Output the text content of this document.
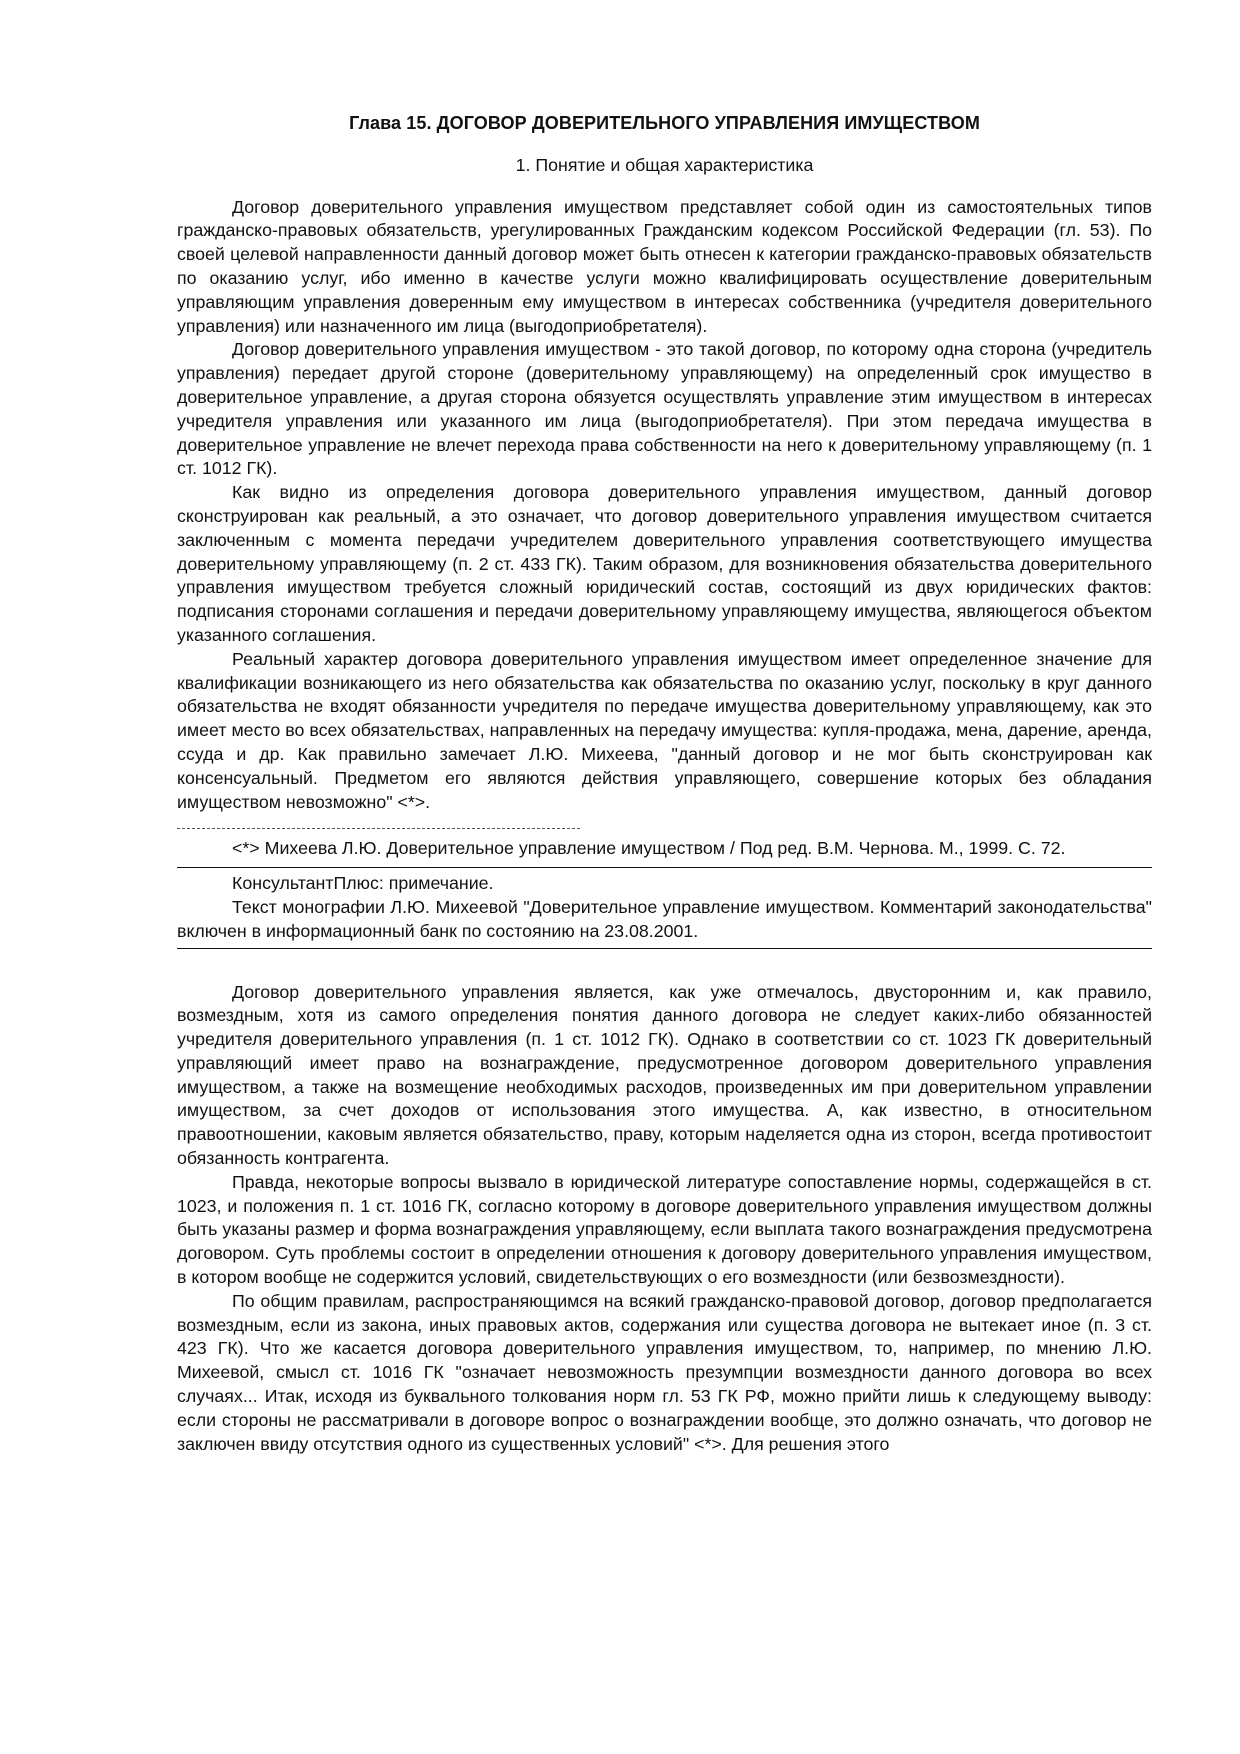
Глава 15. ДОГОВОР ДОВЕРИТЕЛЬНОГО УПРАВЛЕНИЯ ИМУЩЕСТВОМ
1. Понятие и общая характеристика

Договор доверительного управления имуществом представляет собой один из самостоятельных типов гражданско-правовых обязательств, урегулированных Гражданским кодексом Российской Федерации (гл. 53). По своей целевой направленности данный договор может быть отнесен к категории гражданско-правовых обязательств по оказанию услуг, ибо именно в качестве услуги можно квалифицировать осуществление доверительным управляющим управления доверенным ему имуществом в интересах собственника (учредителя доверительного управления) или назначенного им лица (выгодоприобретателя).

Договор доверительного управления имуществом - это такой договор, по которому одна сторона (учредитель управления) передает другой стороне (доверительному управляющему) на определенный срок имущество в доверительное управление, а другая сторона обязуется осуществлять управление этим имуществом в интересах учредителя управления или указанного им лица (выгодоприобретателя). При этом передача имущества в доверительное управление не влечет перехода права собственности на него к доверительному управляющему (п. 1 ст. 1012 ГК).

Как видно из определения договора доверительного управления имуществом, данный договор сконструирован как реальный, а это означает, что договор доверительного управления имуществом считается заключенным с момента передачи учредителем доверительного управления соответствующего имущества доверительному управляющему (п. 2 ст. 433 ГК). Таким образом, для возникновения обязательства доверительного управления имуществом требуется сложный юридический состав, состоящий из двух юридических фактов: подписания сторонами соглашения и передачи доверительному управляющему имущества, являющегося объектом указанного соглашения.

Реальный характер договора доверительного управления имуществом имеет определенное значение для квалификации возникающего из него обязательства как обязательства по оказанию услуг, поскольку в круг данного обязательства не входят обязанности учредителя по передаче имущества доверительному управляющему, как это имеет место во всех обязательствах, направленных на передачу имущества: купля-продажа, мена, дарение, аренда, ссуда и др. Как правильно замечает Л.Ю. Михеева, "данный договор и не мог быть сконструирован как консенсуальный. Предметом его являются действия управляющего, совершение которых без обладания имуществом невозможно" <*>.

<*> Михеева Л.Ю. Доверительное управление имуществом / Под ред. В.М. Чернова. М., 1999. С. 72.

КонсультантПлюс: примечание.

Текст монографии Л.Ю. Михеевой "Доверительное управление имуществом. Комментарий законодательства" включен в информационный банк по состоянию на 23.08.2001.

Договор доверительного управления является, как уже отмечалось, двусторонним и, как правило, возмездным, хотя из самого определения понятия данного договора не следует каких-либо обязанностей учредителя доверительного управления (п. 1 ст. 1012 ГК). Однако в соответствии со ст. 1023 ГК доверительный управляющий имеет право на вознаграждение, предусмотренное договором доверительного управления имуществом, а также на возмещение необходимых расходов, произведенных им при доверительном управлении имуществом, за счет доходов от использования этого имущества. А, как известно, в относительном правоотношении, каковым является обязательство, праву, которым наделяется одна из сторон, всегда противостоит обязанность контрагента.

Правда, некоторые вопросы вызвало в юридической литературе сопоставление нормы, содержащейся в ст. 1023, и положения п. 1 ст. 1016 ГК, согласно которому в договоре доверительного управления имуществом должны быть указаны размер и форма вознаграждения управляющему, если выплата такого вознаграждения предусмотрена договором. Суть проблемы состоит в определении отношения к договору доверительного управления имуществом, в котором вообще не содержится условий, свидетельствующих о его возмездности (или безвозмездности).

По общим правилам, распространяющимся на всякий гражданско-правовой договор, договор предполагается возмездным, если из закона, иных правовых актов, содержания или существа договора не вытекает иное (п. 3 ст. 423 ГК). Что же касается договора доверительного управления имуществом, то, например, по мнению Л.Ю. Михеевой, смысл ст. 1016 ГК "означает невозможность презумпции возмездности данного договора во всех случаях... Итак, исходя из буквального толкования норм гл. 53 ГК РФ, можно прийти лишь к следующему выводу: если стороны не рассматривали в договоре вопрос о вознаграждении вообще, это должно означать, что договор не заключен ввиду отсутствия одного из существенных условий" <*>. Для решения этого
